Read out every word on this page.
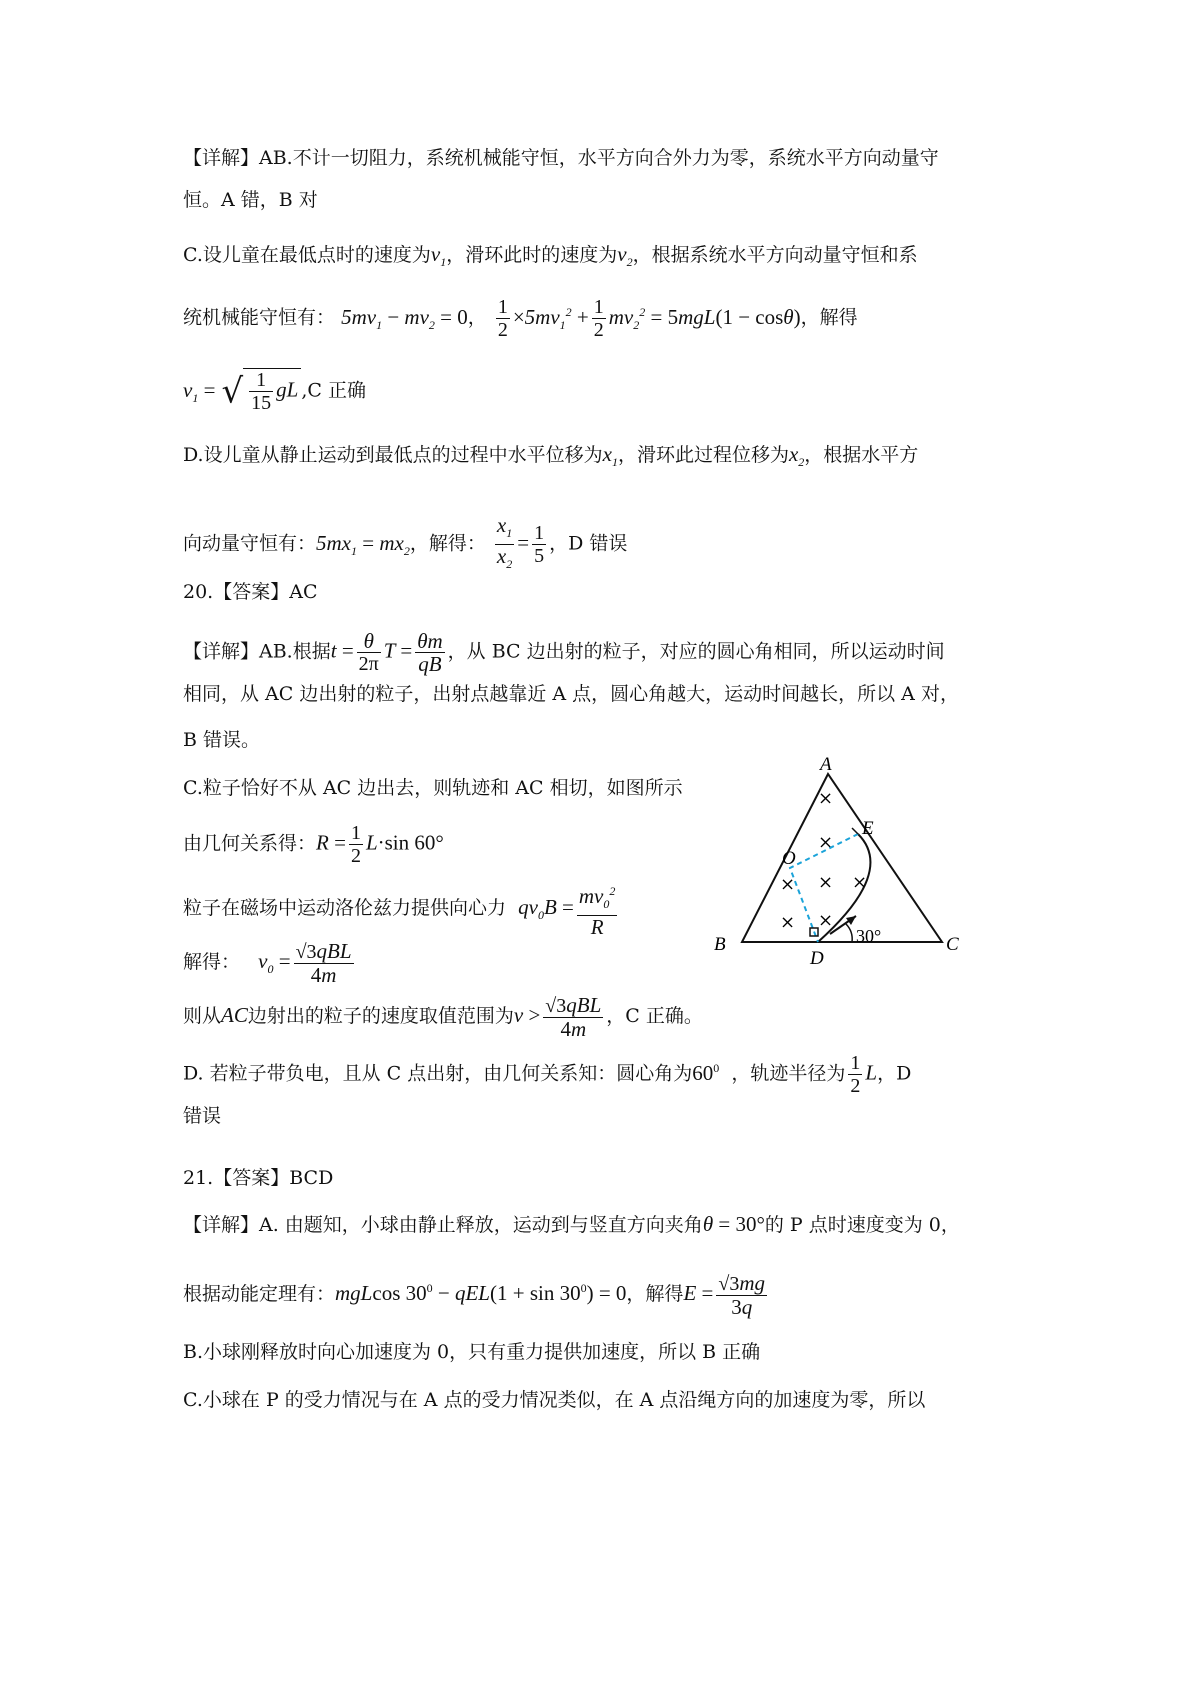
【详解】AB.不计一切阻力，系统机械能守恒，水平方向合外力为零，系统水平方向动量守
恒。A 错，B 对
C.设儿童在最低点时的速度为$v_1$，滑环此时的速度为$v_2$，根据系统水平方向动量守恒和系
统机械能守恒有： $5mv_1 - mv_2 = 0$， $\frac{1}{2} \times 5mv_1^2 + \frac{1}{2} mv_2^2 = 5mgL(1 - \cos\theta)$，解得
$v_1$ = √ $\frac{1}{15}$ gL ,C 正确
D.设儿童从静止运动到最低点的过程中水平位移为$x_1$，滑环此过程位移为$x_2$，根据水平方
向动量守恒有：$5mx_1 = mx_2$，解得： $\frac{x_1}{x_2} = \frac{1}{5}$ ，D 错误
20.【答案】AC
【详解】AB.根据$t = \frac{\theta}{2\pi}$ $T = \frac{\theta m}{qB}$ ，从 BC 边出射的粒子，对应的圆心角相同，所以运动时间
相同，从 AC 边出射的粒子，出射点越靠近 A 点，圆心角越大，运动时间越长，所以 A 对，
B 错误。
C.粒子恰好不从 AC 边出去，则轨迹和 AC 相切，如图所示
由几何关系得：$R = \frac{1}{2} L\cdot\sin$ 60°
粒子在磁场中运动洛伦兹力提供向心力 $qv_0B = \frac{mv_0^2}{R}$
解得： $v_0 = \frac{\text{√3qBL}}{4m}$
则从AC边射出的粒子的速度取值范围为$v > \frac{\text{√3qBL}}{4m}$ ，C 正确。
D. 若粒子带负电，且从 C 点出射，由几何关系知：圆心角为$60^0$ ，轨迹半径为 $\frac{1}{2}$ L，D
错误
21.【答案】BCD
【详解】A. 由题知，小球由静止释放，运动到与竖直方向夹角θ = 30°的 P 点时速度变为 0，
根据动能定理有：mgLcos $30^0 - qEL(1 + \sin 30^0) = 0$，解得$E = \frac{√3mg}{3q}$
B.小球刚释放时向心加速度为 0，只有重力提供加速度，所以 B 正确
C.小球在 P 的受力情况与在 A 点的受力情况类似，在 A 点沿绳方向的加速度为零，所以
×
×
× × ×
× ×
A
B	C
D
E
O
30°
